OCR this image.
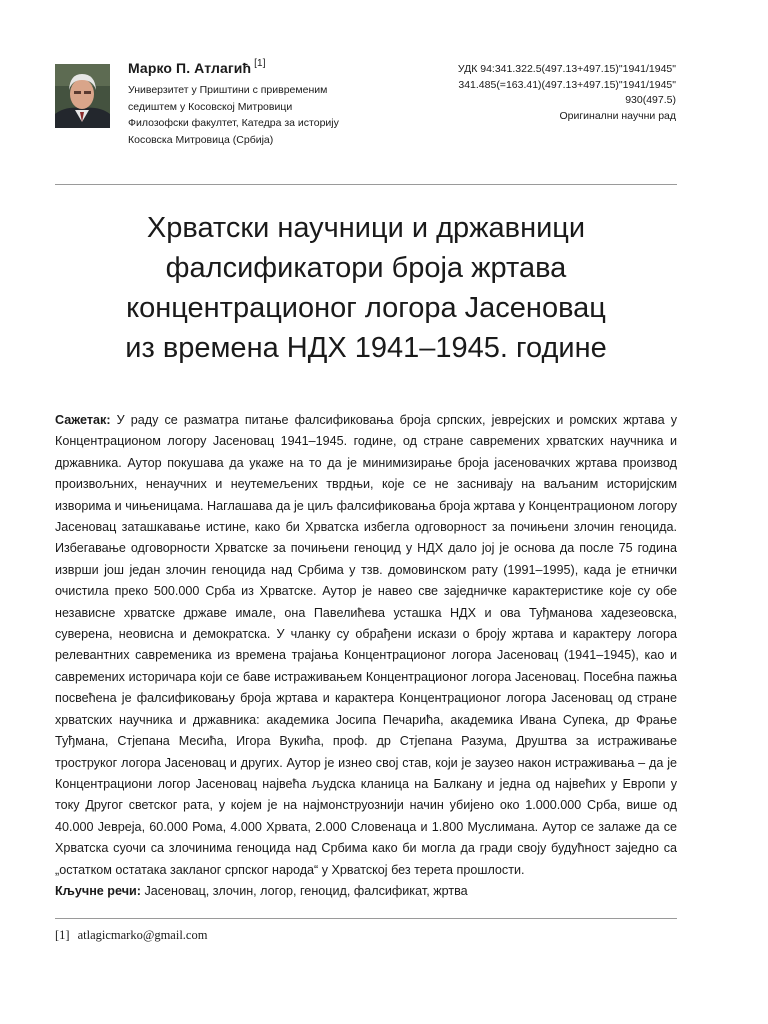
Марко П. Атлагић [1]

Универзитет у Приштини с привременим

седиштем у Косовској Митровици

Филозофски факултет, Катедра за историју

Косовска Митровица (Србија)

УДК 94:341.322.5(497.13+497.15)"1941/1945"

341.485(=163.41)(497.13+497.15)"1941/1945"

930(497.5)

Оригинални научни рад

Хрватски научници и државници
фалсификатори броја жртава
концентрационог логора Јасеновац
из времена НДХ 1941–1945. године

Сажетак: У раду се разматра питање фалсификовања броја српских, јеврејских и ромских жртава у Концентрационом логору Јасеновац 1941–1945. године, од стране савремених хрватских научника и државника. Аутор покушава да укаже на то да је минимизирање броја јасеновачких жртава производ произвољних, ненаучних и неутемељених тврдњи, које се не заснивају на ваљаним историјским изворима и чињеницама. Наглашава да је циљ фалсификовања броја жртава у Концентрационом логору Јасеновац заташкавање истине, како би Хрватска избегла одговорност за почињени злочин геноцида. Избегавање одговорности Хрватске за почињени геноцид у НДХ дало јој је основа да после 75 година изврши још један злочин геноцида над Србима у тзв. домовинском рату (1991–1995), када је етнички очистила преко 500.000 Срба из Хрватске. Аутор је навео све заједничке карактеристике које су обе независне хрватске државе имале, она Павелићева усташка НДХ и ова Туђманова хадезеовска, суверена, неовисна и демократска. У чланку су обрађени искази о броју жртава и карактеру логора релевантних савременика из времена трајања Концентрационог логора Јасеновац (1941–1945), као и савремених историчара који се баве истраживањем Концентрационог логора Јасеновац. Посебна пажња посвећена је фалсификовању броја жртава и карактера Концентрационог логора Јасеновац од стране хрватских научника и државника: академика Јосипа Печарића, академика Ивана Супека, др Фрање Туђмана, Стјепана Месића, Игора Вукића, проф. др Стјепана Разума, Друштва за истраживање троструког логора Јасеновац и других. Аутор је изнео свој став, који је заузео након истраживања – да је Концентрациони логор Јасеновац највећа људска кланица на Балкану и једна од највећих у Европи у току Другог светског рата, у којем је на најмонструознији начин убијено око 1.000.000 Срба, више од 40.000 Јевреја, 60.000 Рома, 4.000 Хрвата, 2.000 Словенаца и 1.800 Муслимана. Аутор се залаже да се Хрватска суочи са злочинима геноцида над Србима како би могла да гради своју будућност заједно са „остатком остатака закланог српског народа“ у Хрватској без терета прошлости.

Кључне речи: Јасеновац, злочин, логор, геноцид, фалсификат, жртва

[1] atlagicmarko@gmail.com
